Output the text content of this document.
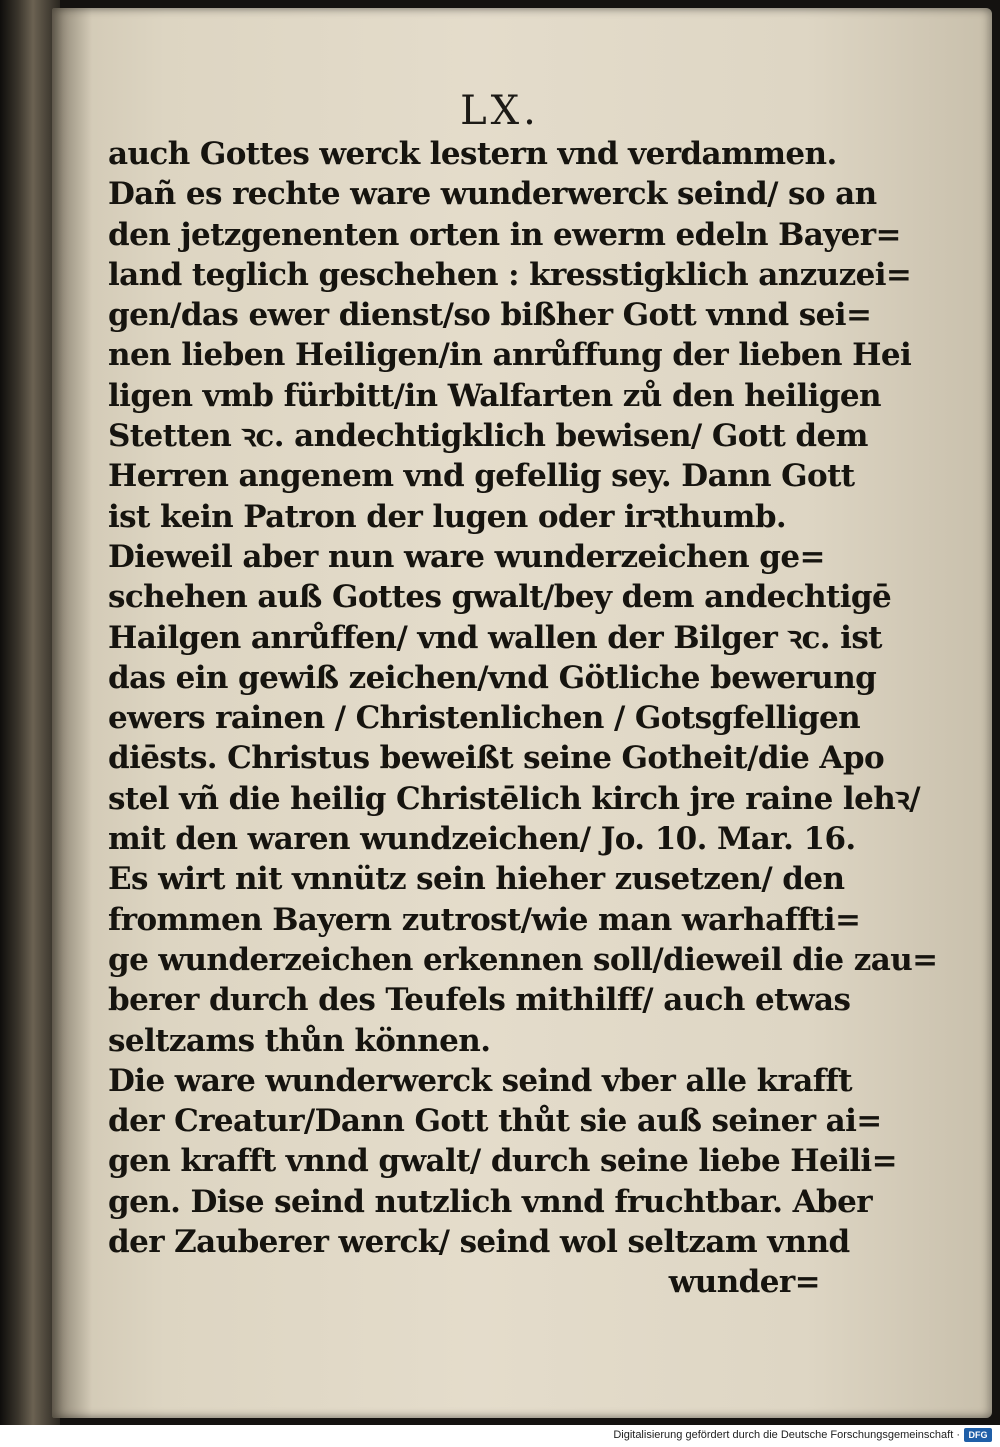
LX.
auch Gottes werck lestern vnd verdammen.
Dañ es rechte ware wunderwerck seind/ so an
den jetzgenenten orten in ewerm edeln Bayer=
land teglich geschehen : kresstigklich anzuzei=
gen/das ewer dienst/so bißher Gott vnnd sei=
nen lieben Heiligen/in anrůffung der lieben Hei
ligen vmb fürbitt/in Walfarten zů den heiligen
Stetten ꝛc. andechtigklich bewisen/ Gott dem
Herren angenem vnd gefellig sey. Dann Gott
ist kein Patron der lugen oder irꝛthumb.
Dieweil aber nun ware wunderzeichen ge=
schehen auß Gottes gwalt/bey dem andechtigē
Hailgen anrůffen/ vnd wallen der Bilger ꝛc. ist
das ein gewiß zeichen/vnd Götliche bewerung
ewers rainen / Christenlichen / Gotsgfelligen
diēsts. Christus beweißt seine Gotheit/die Apo
stel vñ die heilig Christēlich kirch jre raine lehꝛ/
mit den waren wundzeichen/ Jo. 10. Mar. 16.
Es wirt nit vnnütz sein hieher zusetzen/ den
frommen Bayern zutrost/wie man warhaffti=
ge wunderzeichen erkennen soll/dieweil die zau=
berer durch des Teufels mithilff/ auch etwas
seltzams thůn können.
Die ware wunderwerck seind vber alle krafft
der Creatur/Dann Gott thůt sie auß seiner ai=
gen krafft vnnd gwalt/ durch seine liebe Heili=
gen. Dise seind nutzlich vnnd fruchtbar. Aber
der Zauberer werck/ seind wol seltzam vnnd
wunder=
Digitalisierung gefördert durch die Deutsche Forschungsgemeinschaft · DFG
